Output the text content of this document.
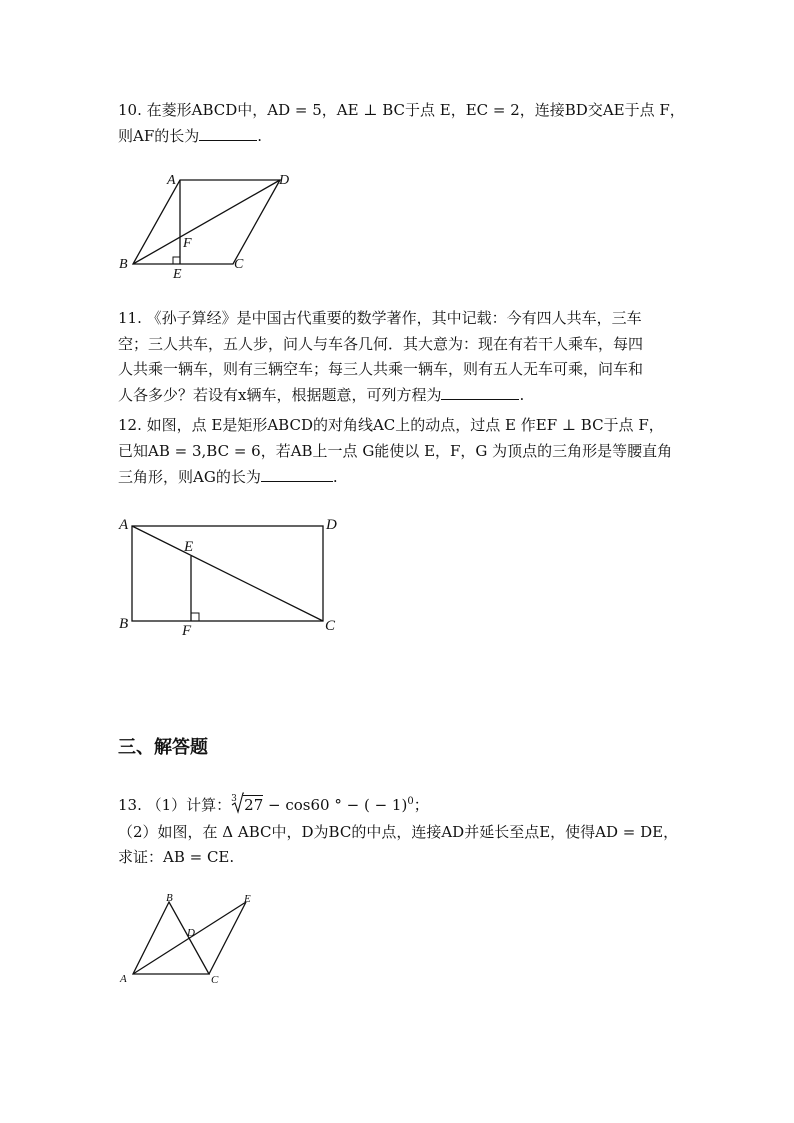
10. 在菱形ABCD中，AD = 5，AE ⊥ BC于点 E，EC = 2，连接BD交AE于点 F，
则AF的长为	.
A	D
B	C
E
F
11. 《孙子算经》是中国古代重要的数学著作，其中记载：今有四人共车，三车
空；三人共车，五人步，问人与车各几何．其大意为：现在有若干人乘车，每四
人共乘一辆车，则有三辆空车；每三人共乘一辆车，则有五人无车可乘，问车和
人各多少？若设有x辆车，根据题意，可列方程为	.
12. 如图，点 E是矩形ABCD的对角线AC上的动点，过点 E 作EF ⊥ BC于点 F，
已知AB = 3,BC = 6，若AB上一点 G能使以 E，F，G 为顶点的三角形是等腰直角
三角形，则AG的长为	.
A	D
B	C
E
F
三、解答题
13. （1）计算： 3 27 − cos60 ° − ( − 1)$^0$；
（2）如图，在 Δ ABC中，D为BC的中点，连接AD并延长至点E，使得AD = DE，
求证：AB = CE.
B	E
D
A	C
